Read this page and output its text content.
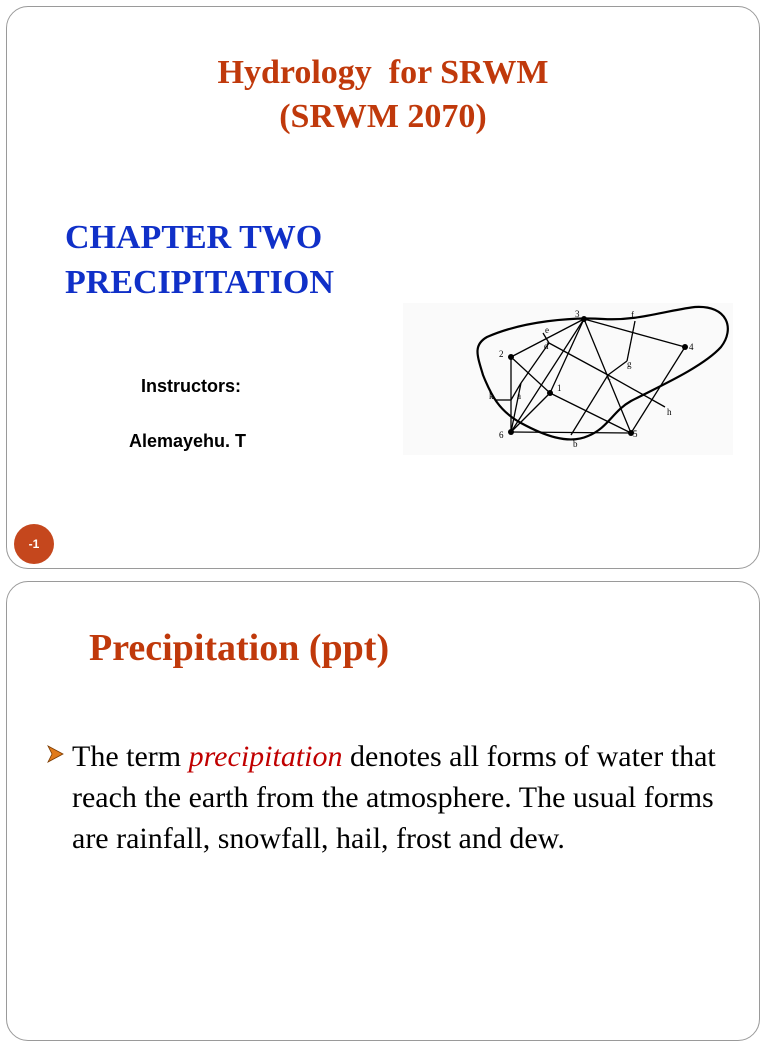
Hydrology  for SRWM
(SRWM 2070)
CHAPTER TWO
PRECIPITATION
Instructors:
Alemayehu. T
2
3
4
5
6
1
a
b
c
d
e
f
g
h
k
-1
Precipitation (ppt)
The term precipitation denotes all forms of water that reach the earth from the atmosphere. The usual forms are rainfall, snowfall, hail, frost and dew.
